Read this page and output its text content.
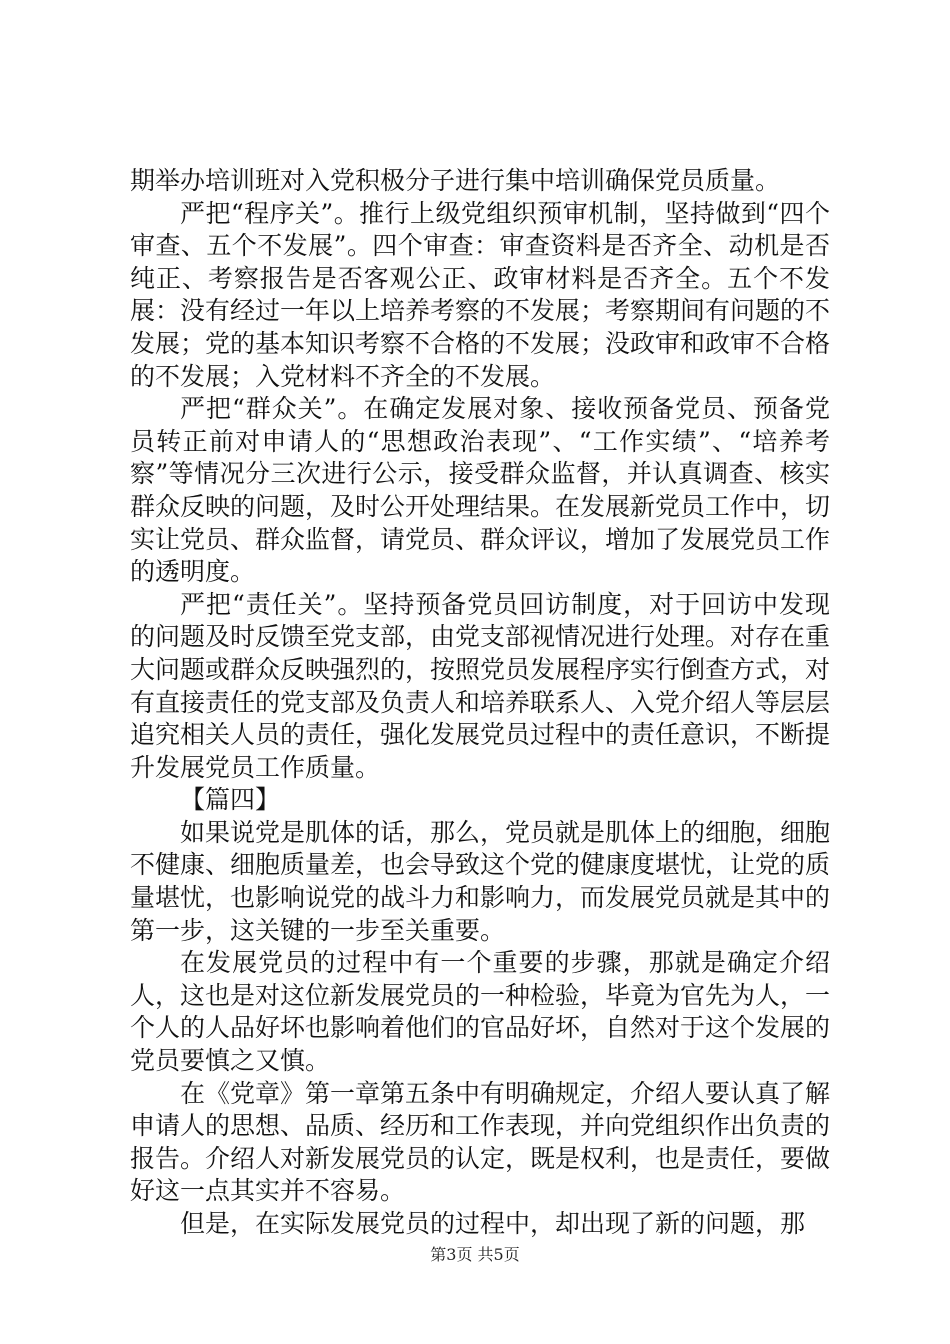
期举办培训班对入党积极分子进行集中培训确保党员质量。

严把“程序关”。推行上级党组织预审机制，坚持做到“四个审查、五个不发展”。四个审查：审查资料是否齐全、动机是否纯正、考察报告是否客观公正、政审材料是否齐全。五个不发展：没有经过一年以上培养考察的不发展；考察期间有问题的不发展；党的基本知识考察不合格的不发展；没政审和政审不合格的不发展；入党材料不齐全的不发展。

严把“群众关”。在确定发展对象、接收预备党员、预备党员转正前对申请人的“思想政治表现”、“工作实绩”、“培养考察”等情况分三次进行公示，接受群众监督，并认真调查、核实群众反映的问题，及时公开处理结果。在发展新党员工作中，切实让党员、群众监督，请党员、群众评议，增加了发展党员工作的透明度。

严把“责任关”。坚持预备党员回访制度，对于回访中发现的问题及时反馈至党支部，由党支部视情况进行处理。对存在重大问题或群众反映强烈的，按照党员发展程序实行倒查方式，对有直接责任的党支部及负责人和培养联系人、入党介绍人等层层追究相关人员的责任，强化发展党员过程中的责任意识，不断提升发展党员工作质量。

【篇四】

如果说党是肌体的话，那么，党员就是肌体上的细胞，细胞不健康、细胞质量差，也会导致这个党的健康度堪忧，让党的质量堪忧，也影响说党的战斗力和影响力，而发展党员就是其中的第一步，这关键的一步至关重要。

在发展党员的过程中有一个重要的步骤，那就是确定介绍人，这也是对这位新发展党员的一种检验，毕竟为官先为人，一个人的人品好坏也影响着他们的官品好坏，自然对于这个发展的党员要慎之又慎。

在《党章》第一章第五条中有明确规定，介绍人要认真了解申请人的思想、品质、经历和工作表现，并向党组织作出负责的报告。介绍人对新发展党员的认定，既是权利，也是责任，要做好这一点其实并不容易。

但是，在实际发展党员的过程中，却出现了新的问题，那

第3页 共5页
